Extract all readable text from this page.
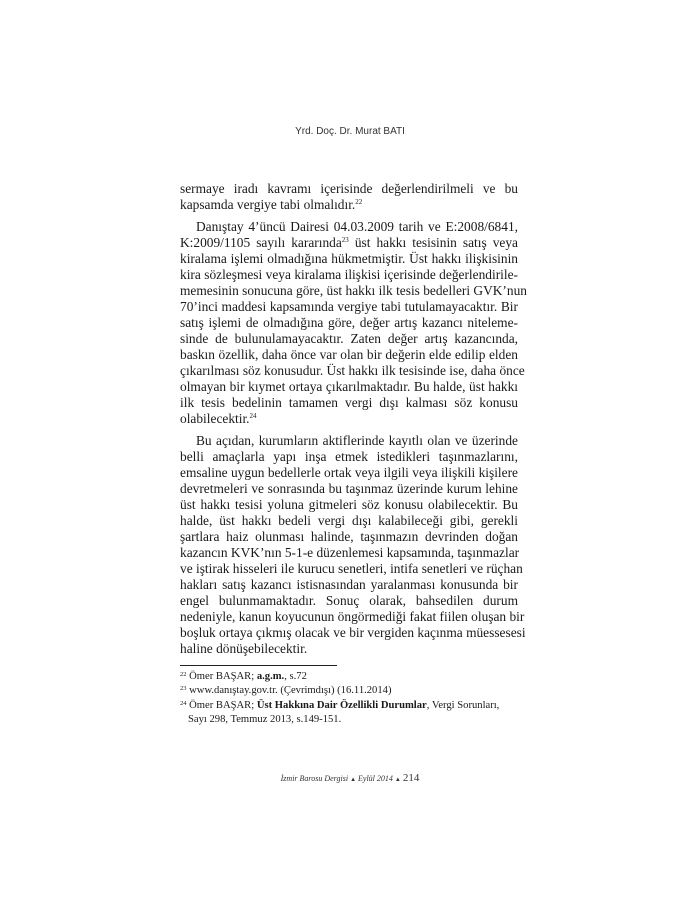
Yrd. Doç. Dr. Murat BATI
sermaye iradı kavramı içerisinde değerlendirilmeli ve bu
kapsamda vergiye tabi olmalıdır.$^{22}$
Danıştay 4’üncü Dairesi 04.03.2009 tarih ve E:2008/6841,
K:2009/1105 sayılı kararında$^{23}$ üst hakkı tesisinin satış veya
kiralama işlemi olmadığına hükmetmiştir. Üst hakkı ilişkisinin
kira sözleşmesi veya kiralama ilişkisi içerisinde değerlendirile-
memesinin sonucuna göre, üst hakkı ilk tesis bedelleri GVK’nun
70’inci maddesi kapsamında vergiye tabi tutulamayacaktır. Bir
satış işlemi de olmadığına göre, değer artış kazancı niteleme-
sinde de bulunulamayacaktır. Zaten değer artış kazancında,
baskın özellik, daha önce var olan bir değerin elde edilip elden
çıkarılması söz konusudur. Üst hakkı ilk tesisinde ise, daha önce
olmayan bir kıymet ortaya çıkarılmaktadır. Bu halde, üst hakkı
ilk tesis bedelinin tamamen vergi dışı kalması söz konusu
olabilecektir.$^{24}$
Bu açıdan, kurumların aktiflerinde kayıtlı olan ve üzerinde
belli amaçlarla yapı inşa etmek istedikleri taşınmazlarını,
emsaline uygun bedellerle ortak veya ilgili veya ilişkili kişilere
devretmeleri ve sonrasında bu taşınmaz üzerinde kurum lehine
üst hakkı tesisi yoluna gitmeleri söz konusu olabilecektir. Bu
halde, üst hakkı bedeli vergi dışı kalabileceği gibi, gerekli
şartlara haiz olunması halinde, taşınmazın devrinden doğan
kazancın KVK’nın 5-1-e düzenlemesi kapsamında, taşınmazlar
ve iştirak hisseleri ile kurucu senetleri, intifa senetleri ve rüçhan
hakları satış kazancı istisnasından yaralanması konusunda bir
engel bulunmamaktadır. Sonuç olarak, bahsedilen durum
nedeniyle, kanun koyucunun öngörmediği fakat fiilen oluşan bir
boşluk ortaya çıkmış olacak ve bir vergiden kaçınma müessesesi
haline dönüşebilecektir.
$^{22}$ Ömer BAŞAR; a.g.m., s.72
$^{23}$ www.danıştay.gov.tr. (Çevrimdışı) (16.11.2014)
$^{24}$ Ömer BAŞAR; Üst Hakkına Dair Özellikli Durumlar, Vergi Sorunları,
Sayı 298, Temmuz 2013, s.149-151.
İzmir Barosu Dergisi ▲ Eylül 2014 ▲ 214
